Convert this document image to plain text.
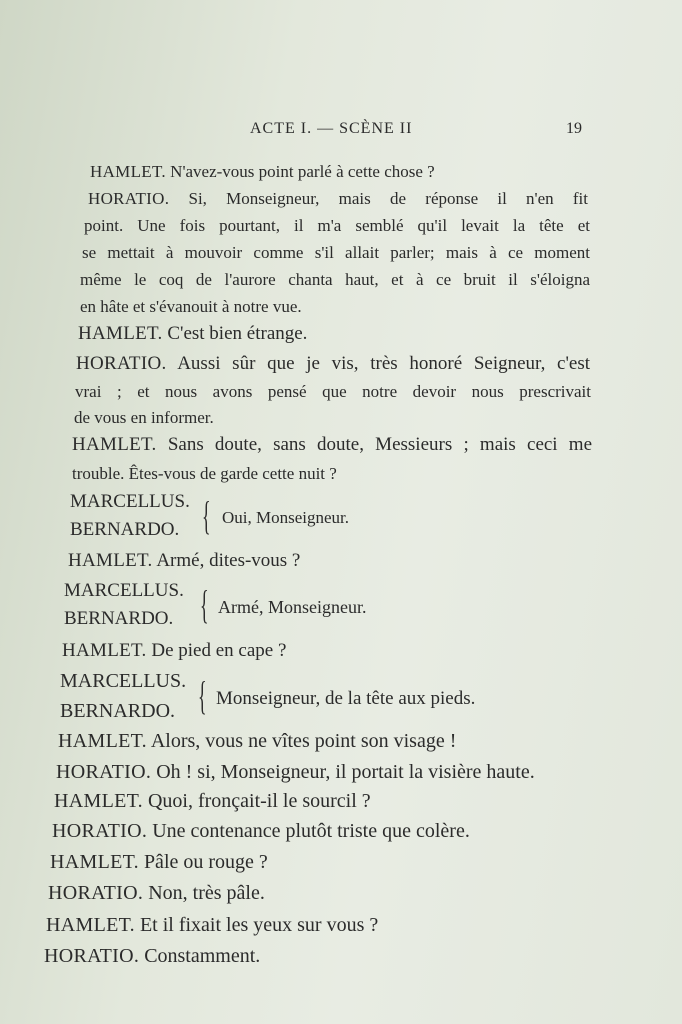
ACTE I. — SCÈNE II	19
HAMLET. N'avez-vous point parlé à cette chose ?
HORATIO. Si, Monseigneur, mais de réponse il n'en fit
point. Une fois pourtant, il m'a semblé qu'il levait la tête et
se mettait à mouvoir comme s'il allait parler; mais à ce moment
même le coq de l'aurore chanta haut, et à ce bruit il s'éloigna
en hâte et s'évanouit à notre vue.
HAMLET. C'est bien étrange.
HORATIO. Aussi sûr que je vis, très honoré Seigneur, c'est
vrai ; et nous avons pensé que notre devoir nous prescrivait
de vous en informer.
HAMLET. Sans doute, sans doute, Messieurs ; mais ceci me
trouble. Êtes-vous de garde cette nuit ?
MARCELLUS.
BERNARDO. { Oui, Monseigneur.
HAMLET. Armé, dites-vous ?
MARCELLUS.
BERNARDO. { Armé, Monseigneur.
HAMLET. De pied en cape ?
MARCELLUS.
BERNARDO. { Monseigneur, de la tête aux pieds.
HAMLET. Alors, vous ne vîtes point son visage !
HORATIO. Oh ! si, Monseigneur, il portait la visière haute.
HAMLET. Quoi, fronçait-il le sourcil ?
HORATIO. Une contenance plutôt triste que colère.
HAMLET. Pâle ou rouge ?
HORATIO. Non, très pâle.
HAMLET. Et il fixait les yeux sur vous ?
HORATIO. Constamment.
